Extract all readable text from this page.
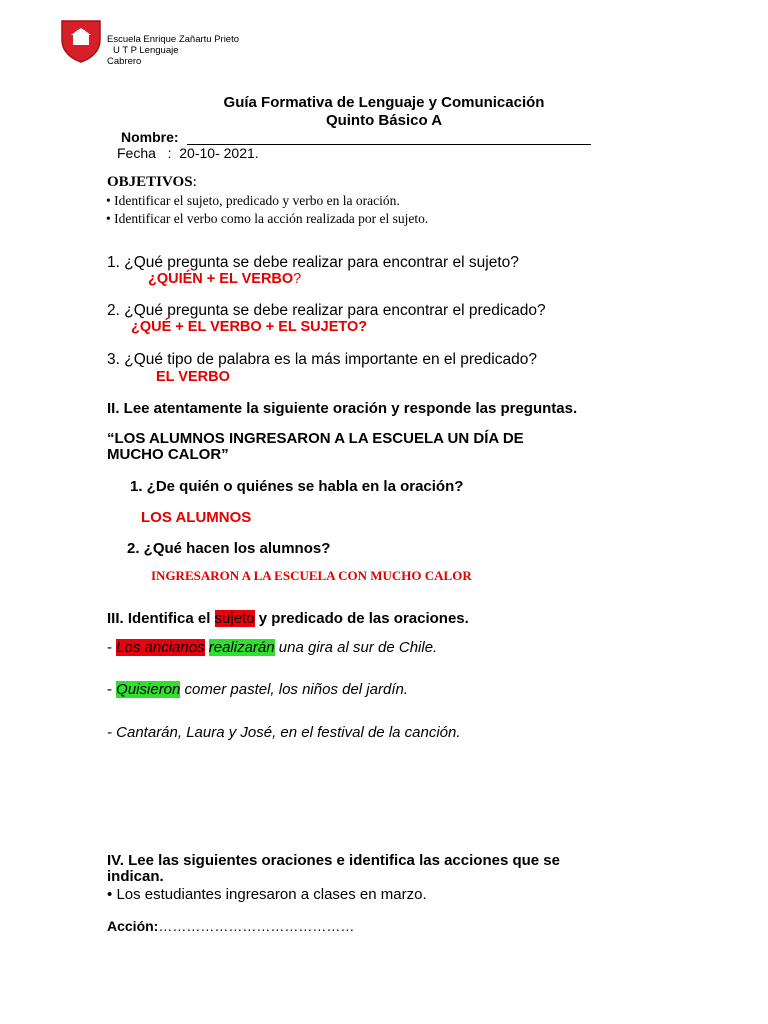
Escuela Enrique Zañartu Prieto
U T P Lenguaje
Cabrero
Guía Formativa de Lenguaje y Comunicación
Quinto Básico A
Nombre:
Fecha : 20-10- 2021.
OBJETIVOS:
• Identificar el sujeto, predicado y verbo en la oración.
• Identificar el verbo como la acción realizada por el sujeto.
1. ¿Qué pregunta se debe realizar para encontrar el sujeto?
¿QUIÉN + EL VERBO?
2. ¿Qué pregunta se debe realizar para encontrar el predicado?
¿QUÉ + EL VERBO + EL SUJETO?
3. ¿Qué tipo de palabra es la más importante en el predicado?
EL VERBO
II. Lee atentamente la siguiente oración y responde las preguntas.
“LOS ALUMNOS INGRESARON A LA ESCUELA UN DÍA DE
MUCHO CALOR”
1. ¿De quién o quiénes se habla en la oración?
LOS ALUMNOS
2. ¿Qué hacen los alumnos?
INGRESARON A LA ESCUELA CON MUCHO CALOR
III. Identifica el sujeto y predicado de las oraciones.
- Los ancianos realizarán una gira al sur de Chile.
- Quisieron comer pastel, los niños del jardín.
- Cantarán, Laura y José, en el festival de la canción.
IV. Lee las siguientes oraciones e identifica las acciones que se
indican.
• Los estudiantes ingresaron a clases en marzo.
Acción:……………………………………
